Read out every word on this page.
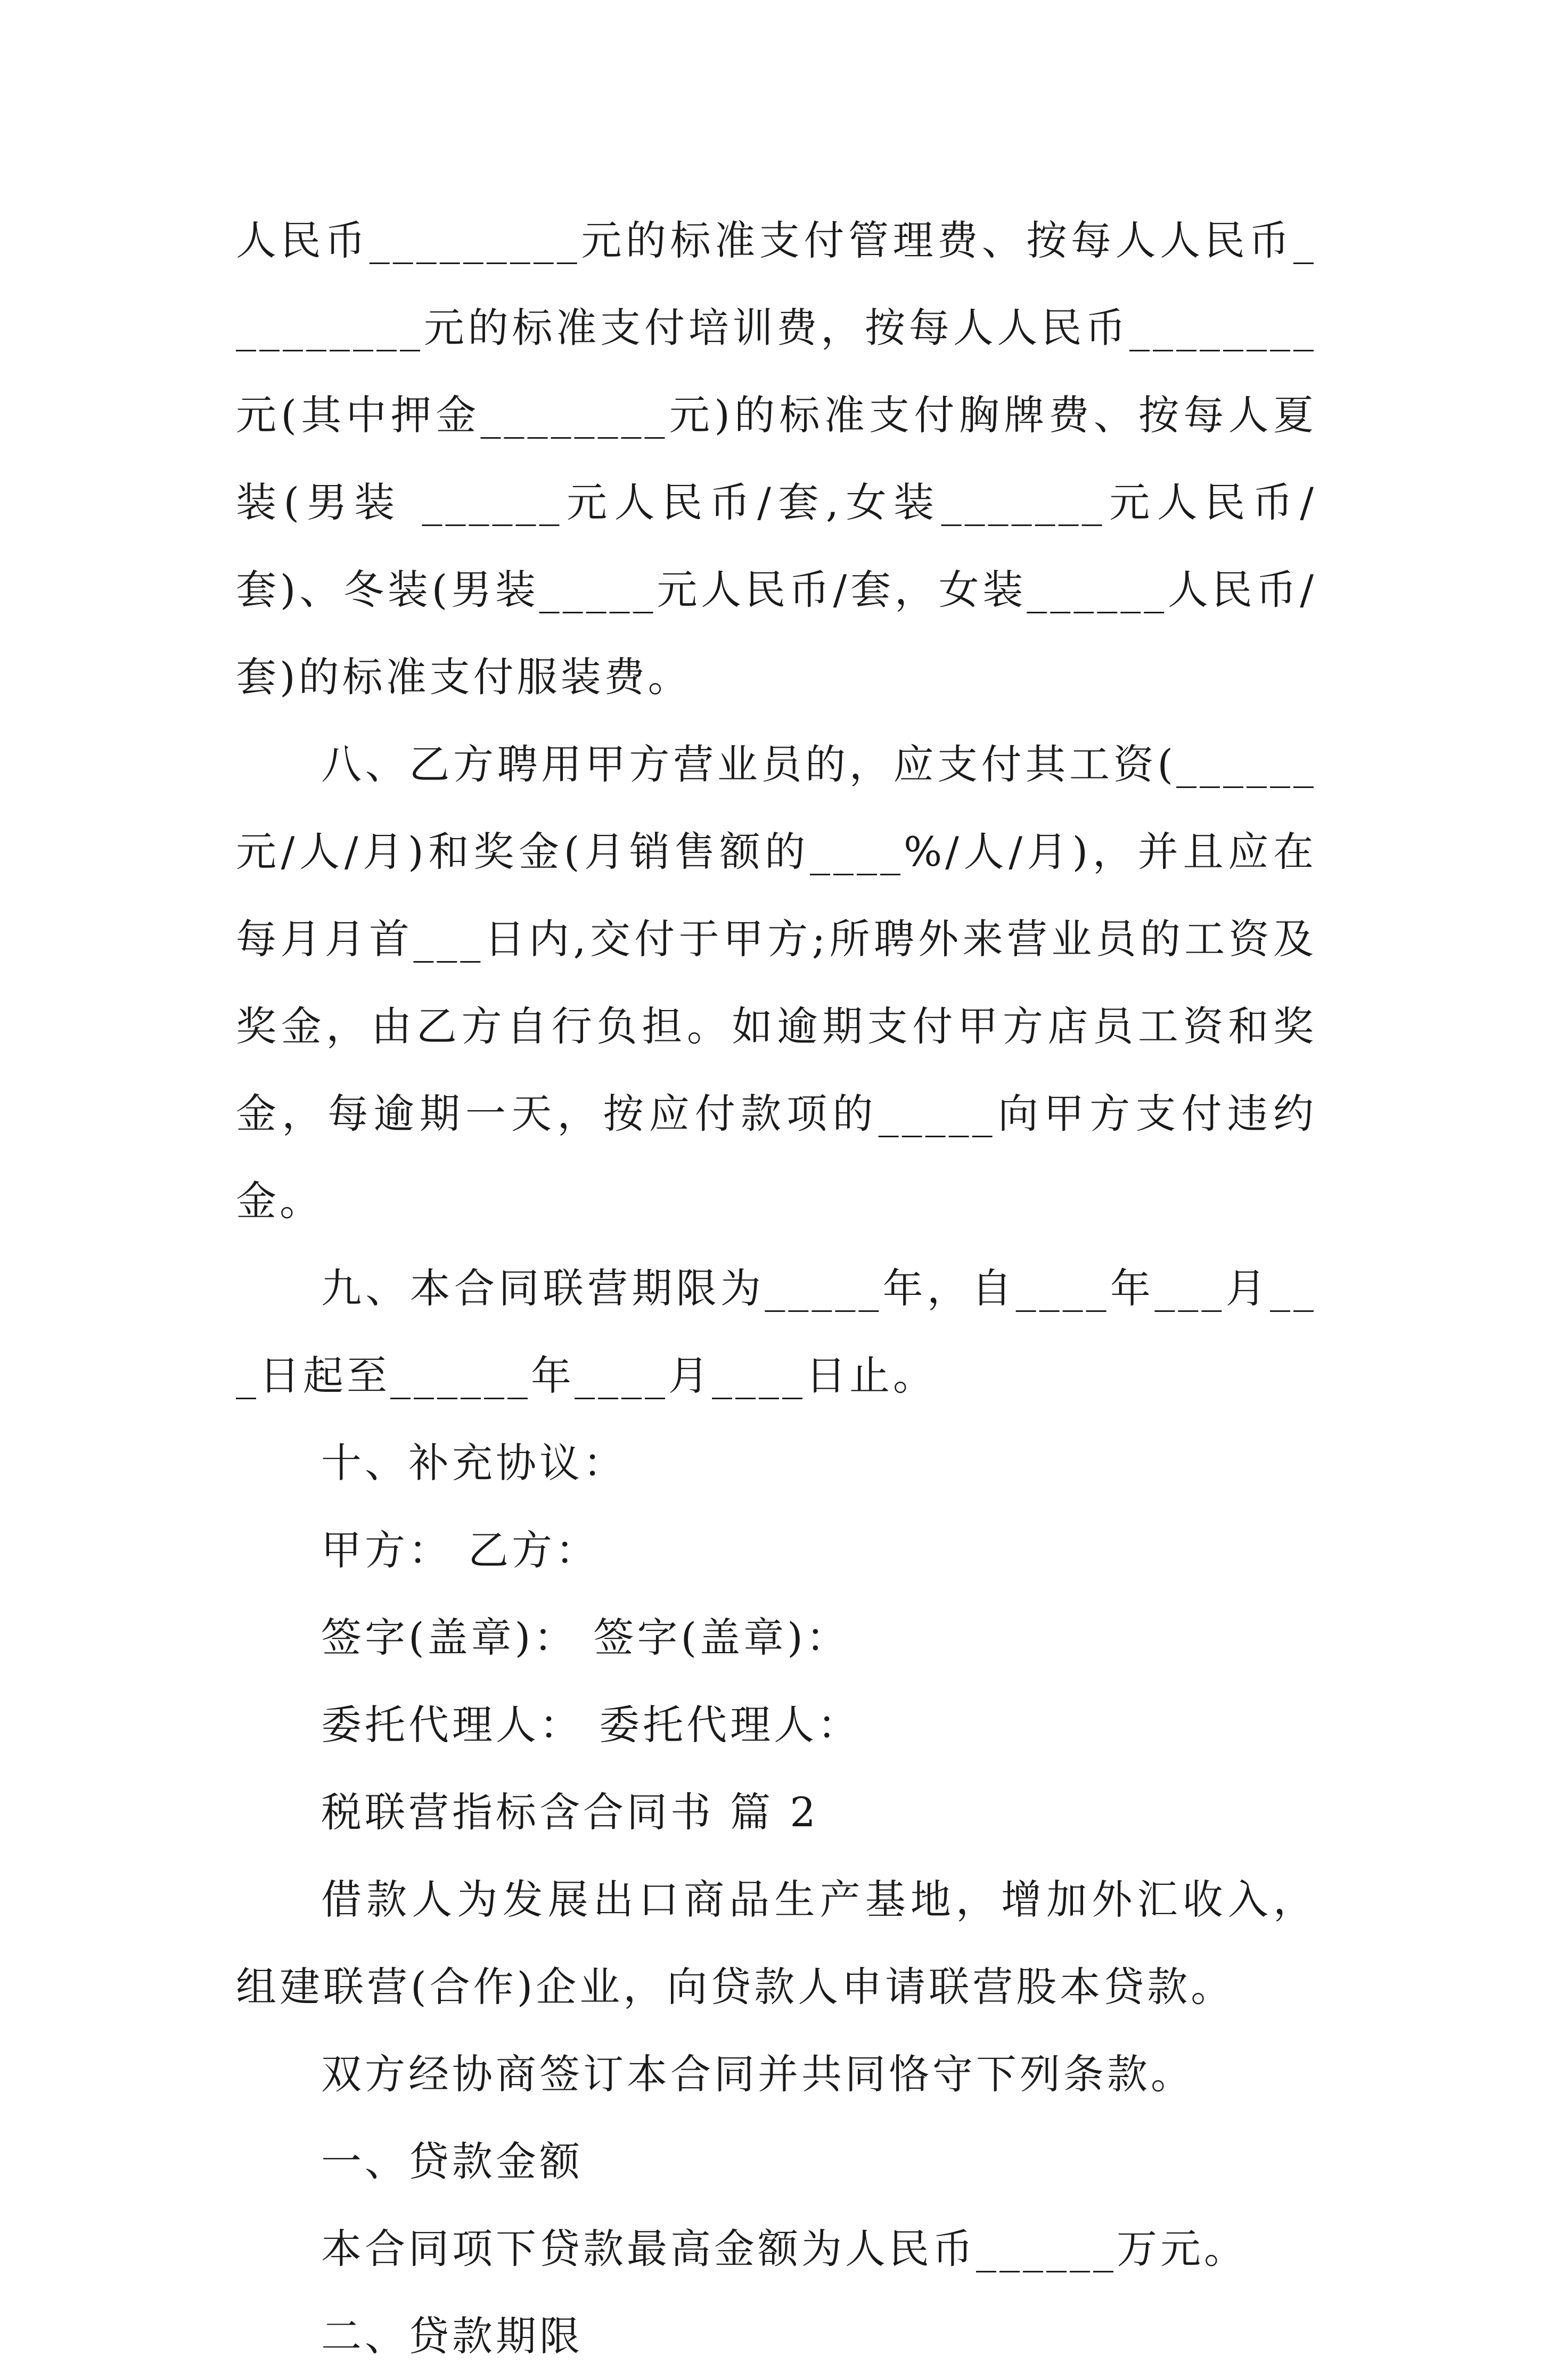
人民币_________元的标准支付管理费、按每人人民币_________元的标准支付培训费，按每人人民币________元(其中押金________元)的标准支付胸牌费、按每人夏装(男装 ______元人民币/套,女装_______元人民币/套)、冬装(男装_____元人民币/套，女装______人民币/套)的标准支付服装费。

八、乙方聘用甲方营业员的，应支付其工资(______元/人/月)和奖金(月销售额的____%/人/月)，并且应在每月月首___日内,交付于甲方;所聘外来营业员的工资及奖金，由乙方自行负担。如逾期支付甲方店员工资和奖金，每逾期一天，按应付款项的_____向甲方支付违约金。

九、本合同联营期限为_____年，自____年___月___日起至______年____月____日止。

十、补充协议：

甲方： 乙方：

签字(盖章)： 签字(盖章)：

委托代理人： 委托代理人：

税联营指标含合同书 篇 2

借款人为发展出口商品生产基地，增加外汇收入，组建联营(合作)企业，向贷款人申请联营股本贷款。

双方经协商签订本合同并共同恪守下列条款。

一、贷款金额

本合同项下贷款最高金额为人民币______万元。

二、贷款期限
